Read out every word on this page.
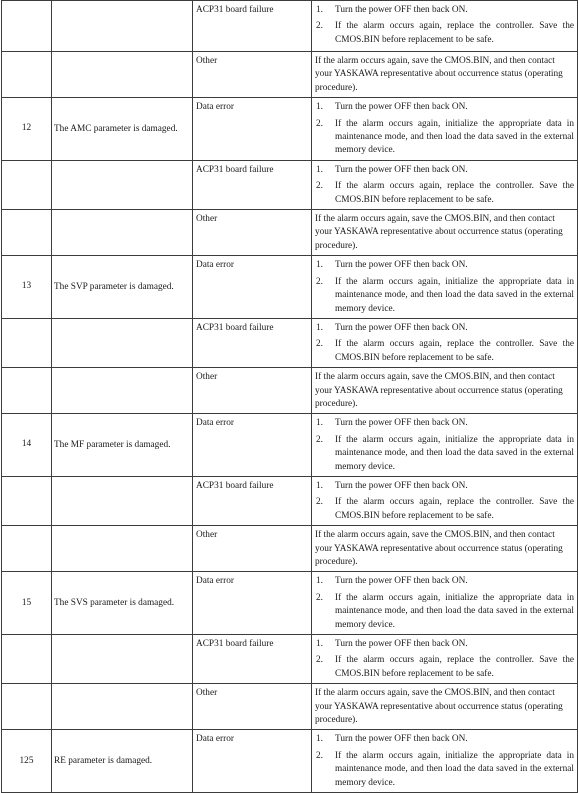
		ACP31 board failure	1. Turn the power OFF then back ON.
2. If the alarm occurs again, replace the controller. Save the CMOS.BIN before replacement to be safe.

		Other	If the alarm occurs again, save the CMOS.BIN, and then contact your YASKAWA representative about occurrence status (operating procedure).

12	The AMC parameter is damaged.	Data error	1. Turn the power OFF then back ON.
2. If the alarm occurs again, initialize the appropriate data in maintenance mode, and then load the data saved in the external memory device.

		ACP31 board failure	1. Turn the power OFF then back ON.
2. If the alarm occurs again, replace the controller. Save the CMOS.BIN before replacement to be safe.

		Other	If the alarm occurs again, save the CMOS.BIN, and then contact your YASKAWA representative about occurrence status (operating procedure).

13	The SVP parameter is damaged.	Data error	1. Turn the power OFF then back ON.
2. If the alarm occurs again, initialize the appropriate data in maintenance mode, and then load the data saved in the external memory device.

		ACP31 board failure	1. Turn the power OFF then back ON.
2. If the alarm occurs again, replace the controller. Save the CMOS.BIN before replacement to be safe.

		Other	If the alarm occurs again, save the CMOS.BIN, and then contact your YASKAWA representative about occurrence status (operating procedure).

14	The MF parameter is damaged.	Data error	1. Turn the power OFF then back ON.
2. If the alarm occurs again, initialize the appropriate data in maintenance mode, and then load the data saved in the external memory device.

		ACP31 board failure	1. Turn the power OFF then back ON.
2. If the alarm occurs again, replace the controller. Save the CMOS.BIN before replacement to be safe.

		Other	If the alarm occurs again, save the CMOS.BIN, and then contact your YASKAWA representative about occurrence status (operating procedure).

15	The SVS parameter is damaged.	Data error	1. Turn the power OFF then back ON.
2. If the alarm occurs again, initialize the appropriate data in maintenance mode, and then load the data saved in the external memory device.

		ACP31 board failure	1. Turn the power OFF then back ON.
2. If the alarm occurs again, replace the controller. Save the CMOS.BIN before replacement to be safe.

		Other	If the alarm occurs again, save the CMOS.BIN, and then contact your YASKAWA representative about occurrence status (operating procedure).

125	RE parameter is damaged.	Data error	1. Turn the power OFF then back ON.
2. If the alarm occurs again, initialize the appropriate data in maintenance mode, and then load the data saved in the external memory device.
